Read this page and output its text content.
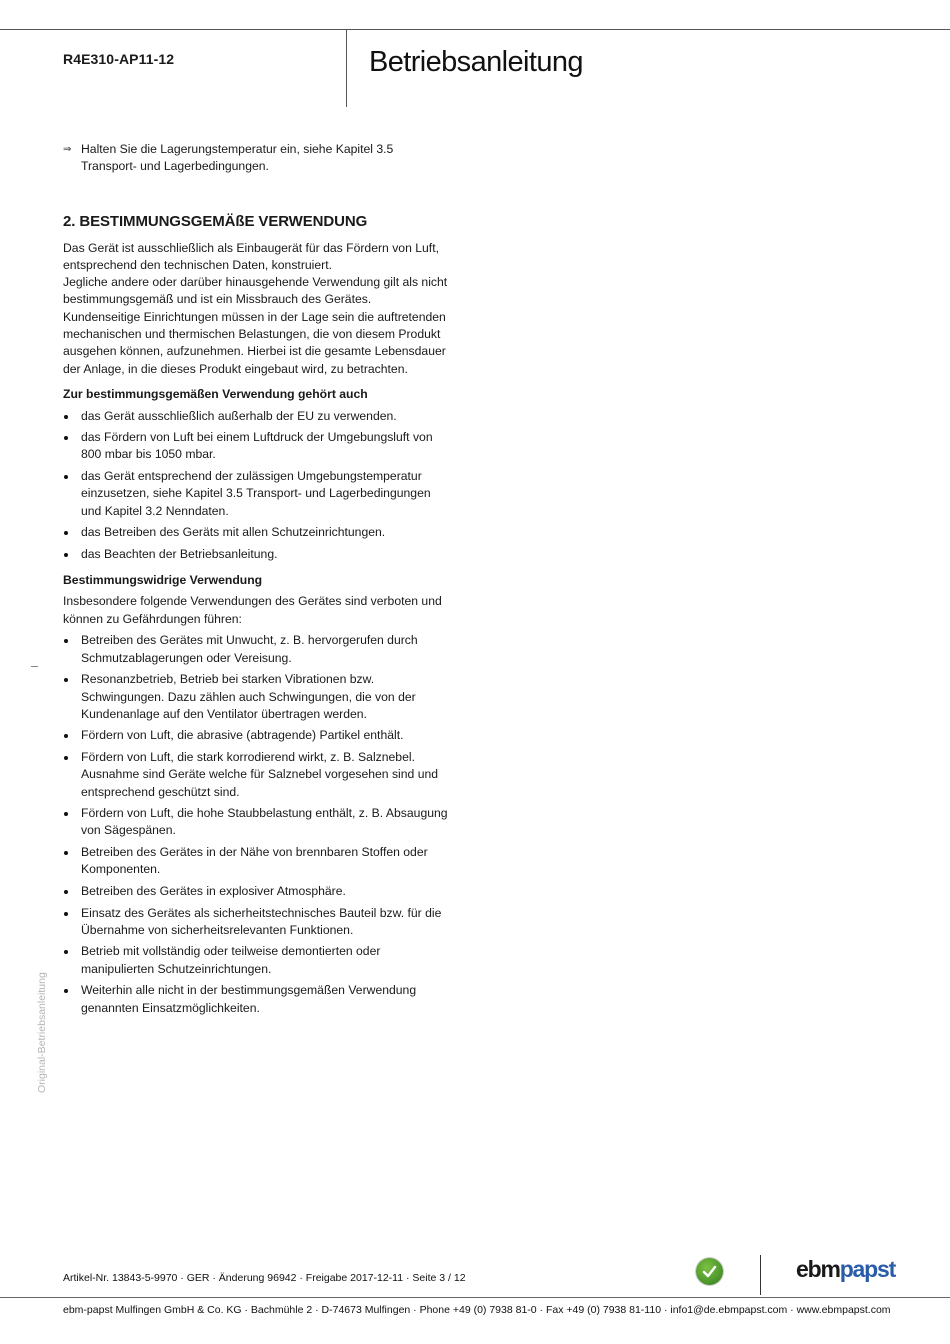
R4E310-AP11-12	Betriebsanleitung
⇒ Halten Sie die Lagerungstemperatur ein, siehe Kapitel 3.5 Transport- und Lagerbedingungen.
2. BESTIMMUNGSGEMÄßE VERWENDUNG

Das Gerät ist ausschließlich als Einbaugerät für das Fördern von Luft, entsprechend den technischen Daten, konstruiert.

Jegliche andere oder darüber hinausgehende Verwendung gilt als nicht bestimmungsgemäß und ist ein Missbrauch des Gerätes.

Kundenseitige Einrichtungen müssen in der Lage sein die auftretenden mechanischen und thermischen Belastungen, die von diesem Produkt ausgehen können, aufzunehmen. Hierbei ist die gesamte Lebensdauer der Anlage, in die dieses Produkt eingebaut wird, zu betrachten.

Zur bestimmungsgemäßen Verwendung gehört auch
das Gerät ausschließlich außerhalb der EU zu verwenden.
das Fördern von Luft bei einem Luftdruck der Umgebungsluft von 800 mbar bis 1050 mbar.
das Gerät entsprechend der zulässigen Umgebungstemperatur einzusetzen, siehe Kapitel 3.5 Transport- und Lagerbedingungen und Kapitel 3.2 Nenndaten.
das Betreiben des Geräts mit allen Schutzeinrichtungen.
das Beachten der Betriebsanleitung.
Bestimmungswidrige Verwendung
Insbesondere folgende Verwendungen des Gerätes sind verboten und können zu Gefährdungen führen:
Betreiben des Gerätes mit Unwucht, z. B. hervorgerufen durch Schmutzablagerungen oder Vereisung.
Resonanzbetrieb, Betrieb bei starken Vibrationen bzw. Schwingungen. Dazu zählen auch Schwingungen, die von der Kundenanlage auf den Ventilator übertragen werden.
Fördern von Luft, die abrasive (abtragende) Partikel enthält.
Fördern von Luft, die stark korrodierend wirkt, z. B. Salznebel. Ausnahme sind Geräte welche für Salznebel vorgesehen sind und entsprechend geschützt sind.
Fördern von Luft, die hohe Staubbelastung enthält, z. B. Absaugung von Sägespänen.
Betreiben des Gerätes in der Nähe von brennbaren Stoffen oder Komponenten.
Betreiben des Gerätes in explosiver Atmosphäre.
Einsatz des Gerätes als sicherheitstechnisches Bauteil bzw. für die Übernahme von sicherheitsrelevanten Funktionen.
Betrieb mit vollständig oder teilweise demontierten oder manipulierten Schutzeinrichtungen.
Weiterhin alle nicht in der bestimmungsgemäßen Verwendung genannten Einsatzmöglichkeiten.
Original-Betriebsanleitung
Artikel-Nr. 13843-5-9970 · GER · Änderung 96942 · Freigabe 2017-12-11 · Seite 3 / 12	ebmpapst
ebm-papst Mulfingen GmbH & Co. KG · Bachmühle 2 · D-74673 Mulfingen · Phone +49 (0) 7938 81-0 · Fax +49 (0) 7938 81-110 · info1@de.ebmpapst.com · www.ebmpapst.com
